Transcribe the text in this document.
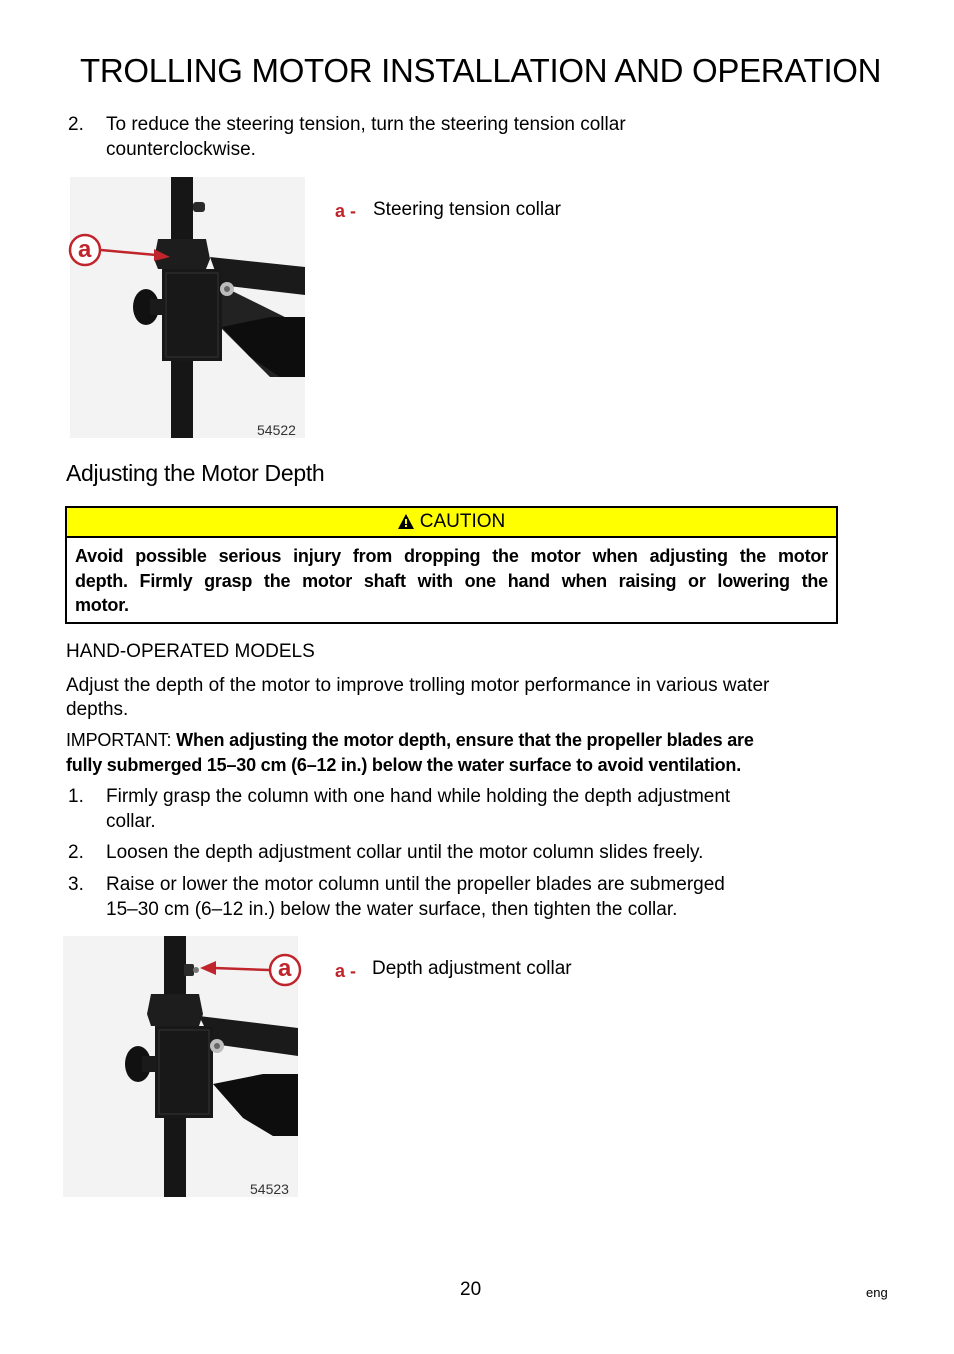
TROLLING MOTOR INSTALLATION AND OPERATION
2.	To reduce the steering tension, turn the steering tension collar
counterclockwise.
54522
a
a - Steering tension collar
Adjusting the Motor Depth
CAUTION
Avoid possible serious injury from dropping the motor when adjusting the motor
depth. Firmly grasp the motor shaft with one hand when raising or lowering the
motor.
HAND-OPERATED MODELS
Adjust the depth of the motor to improve trolling motor performance in various water
depths.
IMPORTANT: When adjusting the motor depth, ensure that the propeller blades are
fully submerged 15–30 cm (6–12 in.) below the water surface to avoid ventilation.
1.	Firmly grasp the column with one hand while holding the depth adjustment
collar.
2.	Loosen the depth adjustment collar until the motor column slides freely.
3.	Raise or lower the motor column until the propeller blades are submerged
15–30 cm (6–12 in.) below the water surface, then tighten the collar.
54523
a a - Depth adjustment collar
20	eng
